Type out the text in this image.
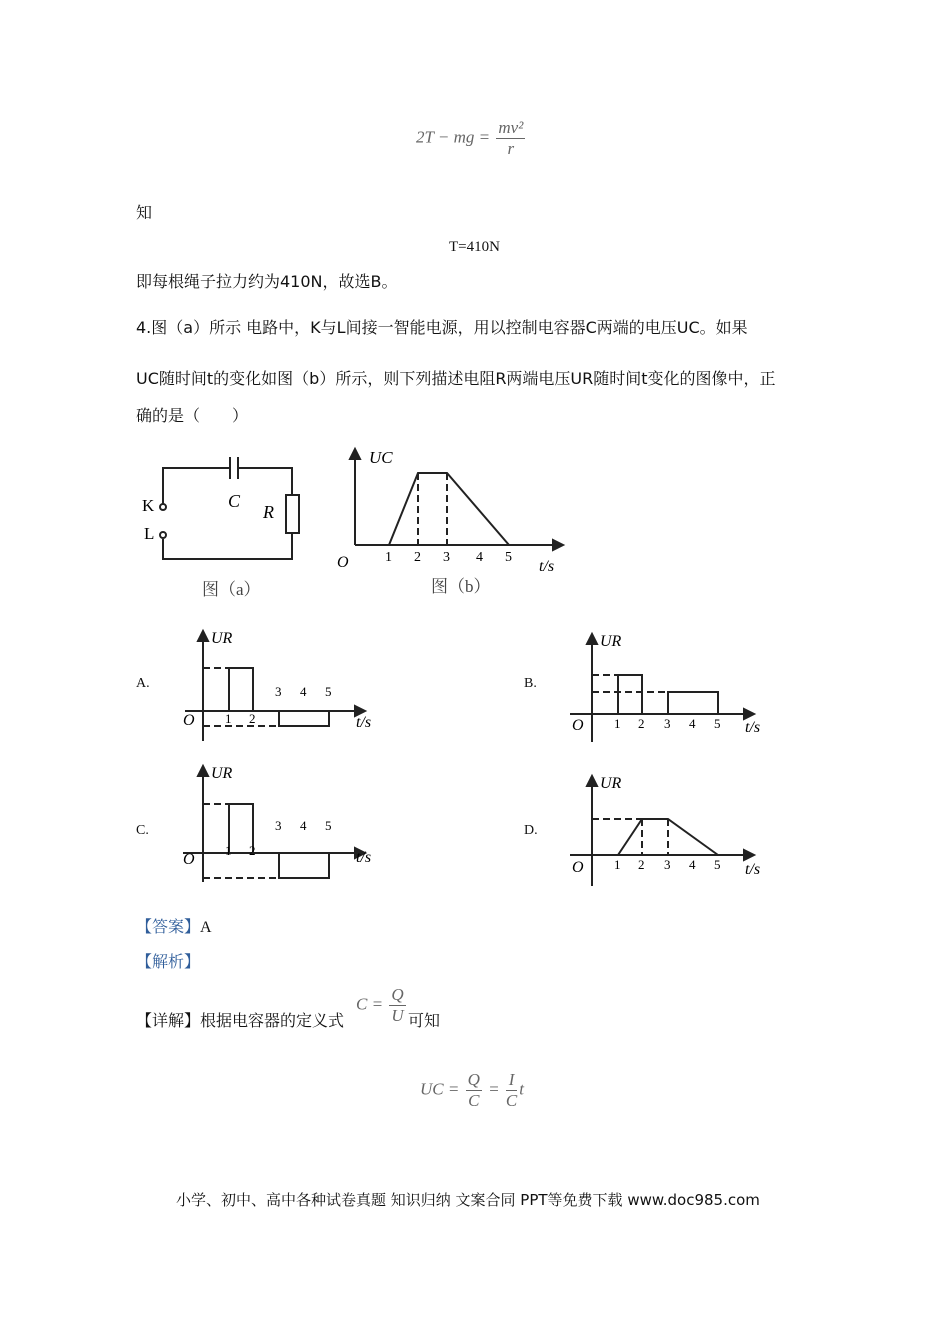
2T − mg = $\frac{\text{mv²}}{r}$
知
T=410N
即每根绳子拉力约为410N，故选B。
4.图（a）所示 电路中，K与L间接一智能电源，用以控制电容器C两端的电压UC。如果
UC随时间t的变化如图（b）所示，则下列描述电阻R两端电压UR随时间t变化的图像中，正
确的是（　　）
K
L
C
R
图（a）
UC
O	1 2 3 4 5
t/s
图（b）
A.
UR
O 1 2
3 4 5
t/s
B.
UR
O 1 2 3 4 5 t/s
C.
UR
O
1 2
3 4 5
t/s
D.
UR
O 1 2 3 4 5 t/s
【答案】A
【解析】
【详解】根据电容器的定义式
$C = \frac{Q}{U}$ 可知
UC = $\frac{Q}{C} = \frac{I}{C}$ t
小学、初中、高中各种试卷真题 知识归纳 文案合同 PPT等免费下载 www.doc985.com
